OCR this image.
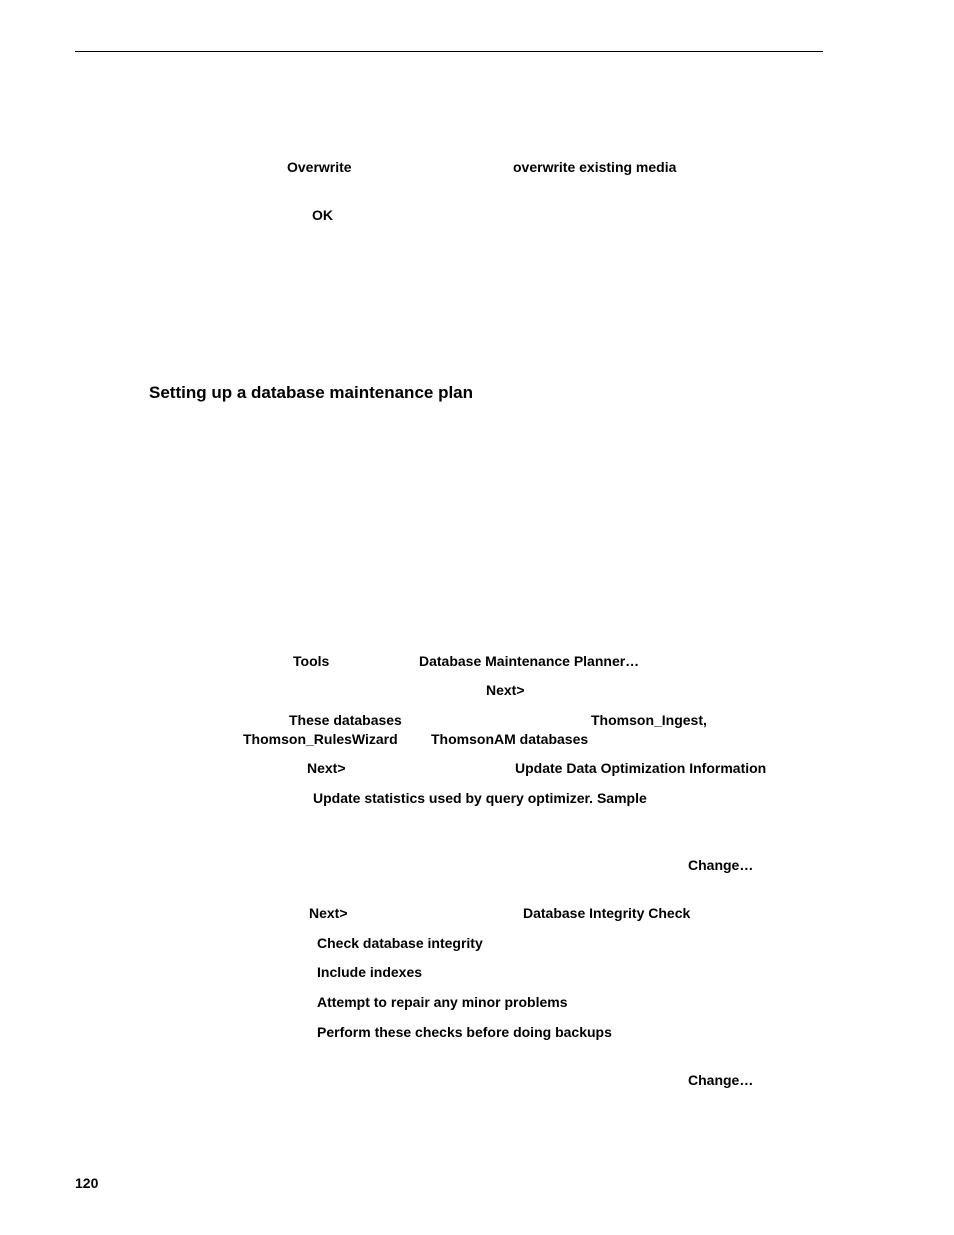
Overwrite	overwrite existing media
OK
Setting up a database maintenance plan
Tools	Database Maintenance Planner…
Next>
These databases	Thomson_Ingest,
Thomson_RulesWizard ThomsonAM databases
Next>	Update Data Optimization Information
Update statistics used by query optimizer. Sample
Change…
Next>	Database Integrity Check
Check database integrity
Include indexes
Attempt to repair any minor problems
Perform these checks before doing backups
Change…
120
